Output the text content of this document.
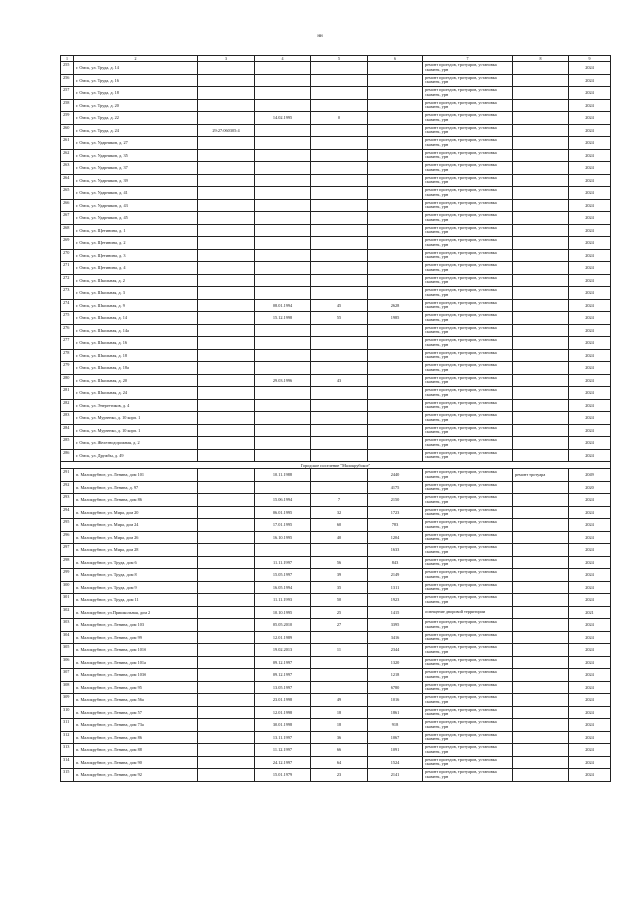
нн
1	2	3	4	5	6	7	8	9
255	г. Омск, ул. Труда, д. 14					ремонт проездов, тротуаров, установка скамеек, урн		2024
256	г. Омск, ул. Труда, д. 16					ремонт проездов, тротуаров, установка скамеек, урн		2024
257	г. Омск, ул. Труда, д. 18					ремонт проездов, тротуаров, установка скамеек, урн		2024
258	г. Омск, ул. Труда, д. 20					ремонт проездов, тротуаров, установка скамеек, урн		2024
259	г. Омск, ул. Труда, д. 22		14.02.1995	0		ремонт проездов, тротуаров, установка скамеек, урн		2024
260	г. Омск, ул. Труда, д. 24	29:27:060305:4				ремонт проездов, тротуаров, установка скамеек, урн		2024
261	г. Омск, ул. Ударников, д. 27					ремонт проездов, тротуаров, установка скамеек, урн		2024
262	г. Омск, ул. Ударников, д. 35					ремонт проездов, тротуаров, установка скамеек, урн		2024
263	г. Омск, ул. Ударников, д. 37					ремонт проездов, тротуаров, установка скамеек, урн		2024
264	г. Омск, ул. Ударников, д. 39					ремонт проездов, тротуаров, установка скамеек, урн		2024
265	г. Омск, ул. Ударников, д. 41					ремонт проездов, тротуаров, установка скамеек, урн		2024
266	г. Омск, ул. Ударников, д. 43					ремонт проездов, тротуаров, установка скамеек, урн		2024
267	г. Омск, ул. Ударников, д. 45					ремонт проездов, тротуаров, установка скамеек, урн		2024
268	г. Омск, ул. Щетинина, д. 1					ремонт проездов, тротуаров, установка скамеек, урн		2024
269	г. Омск, ул. Щетинина, д. 2					ремонт проездов, тротуаров, установка скамеек, урн		2024
270	г. Омск, ул. Щетинина, д. 3					ремонт проездов, тротуаров, установка скамеек, урн		2024
271	г. Омск, ул. Щетинина, д. 4					ремонт проездов, тротуаров, установка скамеек, урн		2024
272	г. Омск, ул. Школьная, д. 2					ремонт проездов, тротуаров, установка скамеек, урн		2024
273	г. Омск, ул. Школьная, д. 3					ремонт проездов, тротуаров, установка скамеек, урн		2024
274	г. Омск, ул. Школьная, д. 9		08.01.1994	45	2628	ремонт проездов, тротуаров, установка скамеек, урн		2024
275	г. Омск, ул. Школьная, д. 14		15.12.1998	55	1985	ремонт проездов, тротуаров, установка скамеек, урн		2024
276	г. Омск, ул. Школьная, д. 14а					ремонт проездов, тротуаров, установка скамеек, урн		2024
277	г. Омск, ул. Школьная, д. 16					ремонт проездов, тротуаров, установка скамеек, урн		2024
278	г. Омск, ул. Школьная, д. 18					ремонт проездов, тротуаров, установка скамеек, урн		2024
279	г. Омск, ул. Школьная, д. 18а					ремонт проездов, тротуаров, установка скамеек, урн		2024
280	г. Омск, ул. Школьная, д. 20		29.03.1996	43		ремонт проездов, тротуаров, установка скамеек, урн		2024
281	г. Омск, ул. Школьная, д. 24					ремонт проездов, тротуаров, установка скамеек, урн		2024
282	г. Омск, ул. Энергетиков, д. 4					ремонт проездов, тротуаров, установка скамеек, урн		2024
283	г. Омск, ул. Мурзенко, д. 10 корп. 1					ремонт проездов, тротуаров, установка скамеек, урн		2024
284	г. Омск, ул. Мурзенко, д. 10 корп. 1					ремонт проездов, тротуаров, установка скамеек, урн		2024
285	г. Омск, ул. Железнодорожная, д. 2					ремонт проездов, тротуаров, установка скамеек, урн		2024
286	г. Омск, ул. Дружбы, д. 49					ремонт проездов, тротуаров, установка скамеек, урн		2024
Городское поселение "Малокрубское"								
291	п. Малокрубное, ул. Ленина, дом 101		10.11.1988		2440	ремонт проездов, тротуаров, установка скамеек, урн	ремонт тротуара	2049
292	п. Малокрубное, ул. Ленина, д. 97				4175	ремонт проездов, тротуаров, установка скамеек, урн		2020
293	п. Малокрубное, ул. Ленина, дом 86		15.06.1994	7	2150	ремонт проездов, тротуаров, установка скамеек, урн		2024
294	п. Малокрубное, ул. Мира, дом 20		06.01.1995	32	1723	ремонт проездов, тротуаров, установка скамеек, урн		2024
295	п. Малокрубное, ул. Мира, дом 24		17.01.1995	60	783	ремонт проездов, тротуаров, установка скамеек, урн		2024
296	п. Малокрубное, ул. Мира, дом 26		16.10.1995	40	1204	ремонт проездов, тротуаров, установка скамеек, урн		2024
297	п. Малокрубное, ул. Мира, дом 28				1633	ремонт проездов, тротуаров, установка скамеек, урн		2024
298	п. Малокрубное, ул. Труда, дом 6		11.11.1997	56	843	ремонт проездов, тротуаров, установка скамеек, урн		2024
299	п. Малокрубное, ул. Труда, дом 8		15.05.1997	39	2149	ремонт проездов, тротуаров, установка скамеек, урн		2024
300	п. Малокрубное, ул. Труда, дом 9		16.05.1994	35	1311	ремонт проездов, тротуаров, установка скамеек, урн		2024
301	п. Малокрубное, ул. Труда, дом 11		11.11.1993	50	1923	ремонт проездов, тротуаров, установка скамеек, урн		2024
302	п. Малокрубное, ул.Пришкольная, дом 2		10.10.1995	25	1415	освещение дворовой территории		2021
303	п. Малокрубное, ул. Ленина, дом 103		05.05.2010	27	3395	ремонт проездов, тротуаров, установка скамеек, урн		2024
304	п. Малокрубное, ул. Ленина, дом 99		12.01.1989		3416	ремонт проездов, тротуаров, установка скамеек, урн		2024
305	п. Малокрубное, ул. Ленина, дом 101б		19.02.2013	11	2344	ремонт проездов, тротуаров, установка скамеек, урн		2024
306	п. Малокрубное, ул. Ленина, дом 101а		09.12.1997		1320	ремонт проездов, тротуаров, установка скамеек, урн		2024
307	п. Малокрубное, ул. Ленина, дом 103б		09.12.1997		1218	ремонт проездов, тротуаров, установка скамеек, урн		2024
308	п. Малокрубное, ул. Ленина, дом 95		13.05.1997		6780	ремонт проездов, тротуаров, установка скамеек, урн		2024
309	п. Малокрубное, ул. Ленина, дом 56а		23.01.1998	49	1016	ремонт проездов, тротуаров, установка скамеек, урн		2024
310	п. Малокрубное, ул. Ленина, дом 57		12.01.1998	18	1861	ремонт проездов, тротуаров, установка скамеек, урн		2024
311	п. Малокрубное, ул. Ленина, дом 73а		30.01.1998	18	918	ремонт проездов, тротуаров, установка скамеек, урн		2024
312	п. Малокрубное, ул. Ленина, дом 86		13.11.1997	36	1067	ремонт проездов, тротуаров, установка скамеек, урн		2024
313	п. Малокрубное, ул. Ленина, дом 88		11.12.1997	66	1091	ремонт проездов, тротуаров, установка скамеек, урн		2024
314	п. Малокрубное, ул. Ленина, дом 90		24.12.1997	64	1524	ремонт проездов, тротуаров, установка скамеек, урн		2024
315	п. Малокрубное, ул. Ленина, дом 92		15.01.1979	23	2141	ремонт проездов, тротуаров, установка скамеек, урн		2024
